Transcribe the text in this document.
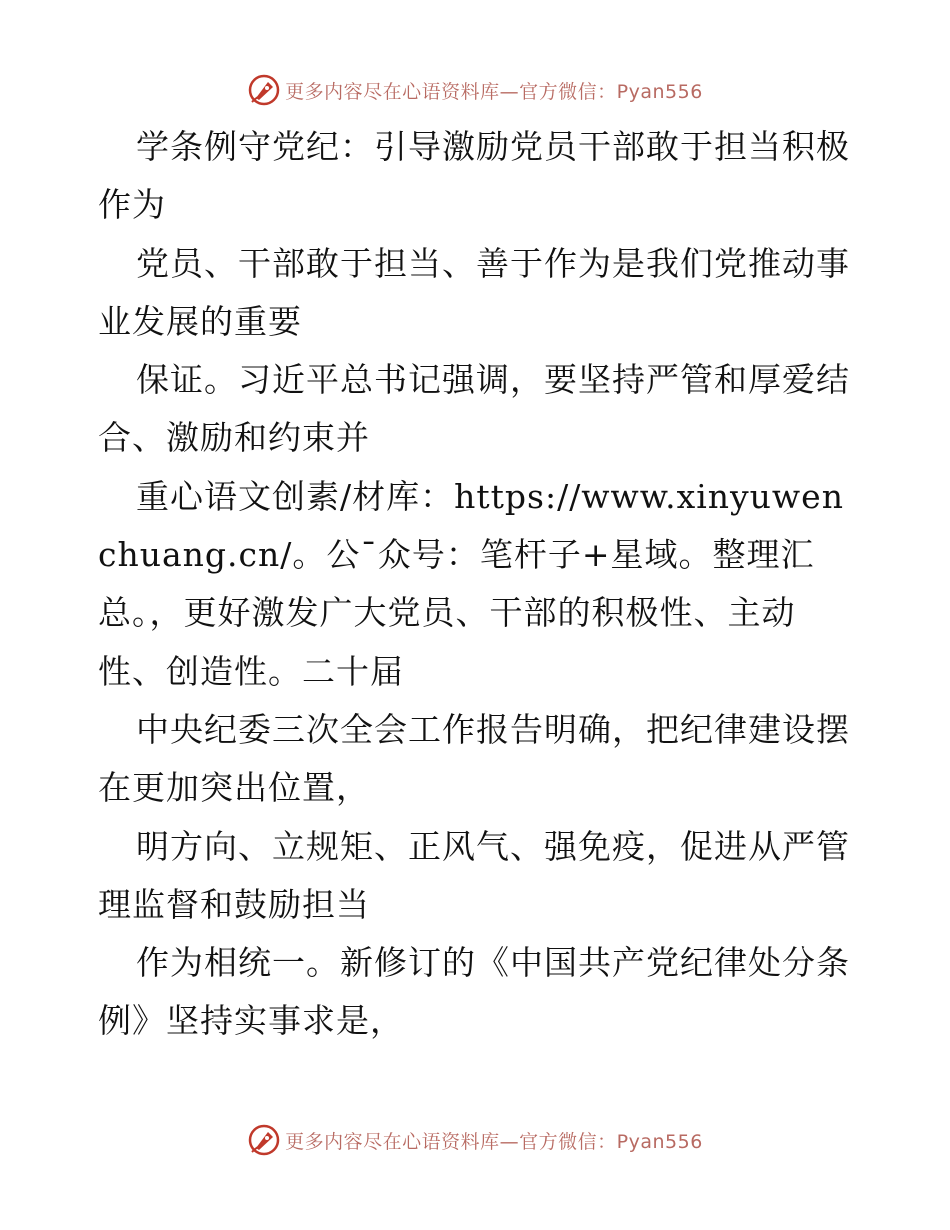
更多内容尽在心语资料库—官方微信：Pyan556

学条例守党纪：引导激励党员干部敢于担当积极作为

党员、干部敢于担当、善于作为是我们党推动事业发展的重要

保证。习近平总书记强调，要坚持严管和厚爱结合、激励和约束并

重心语文创素/材库：https://www.xinyuwenchuang.cn/。公¯众号：笔杆子+星域。整理汇总。，更好激发广大党员、干部的积极性、主动性、创造性。二十届

中央纪委三次全会工作报告明确，把纪律建设摆在更加突出位置，

明方向、立规矩、正风气、强免疫，促进从严管理监督和鼓励担当

作为相统一。新修订的《中国共产党纪律处分条例》坚持实事求是，

更多内容尽在心语资料库—官方微信：Pyan556
